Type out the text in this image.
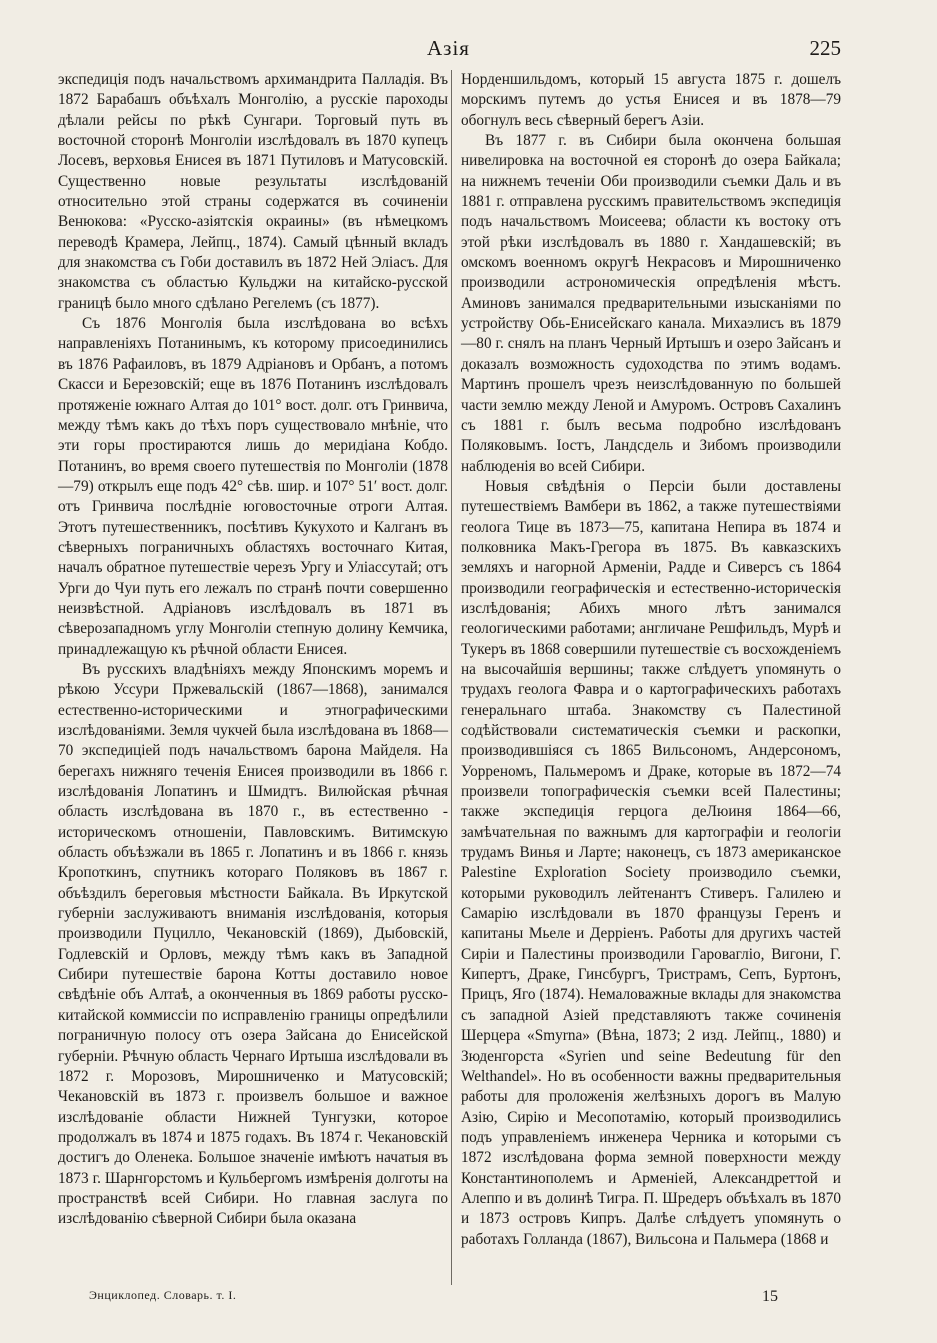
Азія	225

экспедиція подъ начальствомъ архимандрита Палладія. Въ 1872 Барабашъ объѣхалъ Монголію, а русскіе пароходы дѣлали рейсы по рѣкѣ Сунгари. Торговый путь въ восточной сторонѣ Монголіи изслѣдовалъ въ 1870 купецъ Лосевъ, верховья Енисея въ 1871 Путиловъ и Матусовскій. Существенно новые результаты изслѣдованій относительно этой страны содержатся въ сочиненіи Венюкова: «Русско-азіятскія окраины» (въ нѣмецкомъ переводѣ Крамера, Лейпц., 1874). Самый цѣнный вкладъ для знакомства съ Гоби доставилъ въ 1872 Ней Эліасъ. Для знакомства съ областью Кульджи на китайско-русской границѣ было много сдѣлано Регелемъ (съ 1877).

Съ 1876 Монголія была изслѣдована во всѣхъ направленіяхъ Потанинымъ, къ которому присоединились въ 1876 Рафаиловъ, въ 1879 Адріановъ и Орбанъ, а потомъ Скасси и Березовскій; еще въ 1876 Потанинъ изслѣдовалъ протяженіе южнаго Алтая до 101° вост. долг. отъ Гринвича, между тѣмъ какъ до тѣхъ поръ существовало мнѣніе, что эти горы простираются лишь до меридіана Кобдо. Потанинъ, во время своего путешествія по Монголіи (1878—79) открылъ еще подъ 42° сѣв. шир. и 107° 51′ вост. долг. отъ Гринвича послѣдніе юговосточные отроги Алтая. Этотъ путешественникъ, посѣтивъ Кукухото и Калганъ въ сѣверныхъ пограничныхъ областяхъ восточнаго Китая, началъ обратное путешествіе черезъ Ургу и Уліассутай; отъ Урги до Чуи путь его лежалъ по странѣ почти совершенно неизвѣстной. Адріановъ изслѣдовалъ въ 1871 въ сѣверозападномъ углу Монголіи степную долину Кемчика, принадлежащую къ рѣчной области Енисея.

Въ русскихъ владѣніяхъ между Японскимъ моремъ и рѣкою Уссури Пржевальскій (1867—1868), занимался естественно-историческими и этнографическими изслѣдованіями. Земля чукчей была изслѣдована въ 1868—70 экспедиціей подъ начальствомъ барона Майделя. На берегахъ нижняго теченія Енисея производили въ 1866 г. изслѣдованія Лопатинъ и Шмидтъ. Вилюйская рѣчная область изслѣдована въ 1870 г., въ естественно - историческомъ отношеніи, Павловскимъ. Витимскую область объѣзжали въ 1865 г. Лопатинъ и въ 1866 г. князь Кропоткинъ, спутникъ котораго Поляковъ въ 1867 г. объѣздилъ береговыя мѣстности Байкала. Въ Иркутской губерніи заслуживаютъ вниманія изслѣдованія, которыя производили Пуцилло, Чекановскій (1869), Дыбовскій, Годлевскій и Орловъ, между тѣмъ какъ въ Западной Сибири путешествіе барона Котты доставило новое свѣдѣніе объ Алтаѣ, а оконченныя въ 1869 работы русско-китайской коммиссіи по исправленію границы опредѣлили пограничную полосу отъ озера Зайсана до Енисейской губерніи. Рѣчную область Чернаго Иртыша изслѣдовали въ 1872 г. Морозовъ, Мирошниченко и Матусовскій; Чекановскій въ 1873 г. произвелъ большое и важное изслѣдованіе области Нижней Тунгузки, которое продолжалъ въ 1874 и 1875 годахъ. Въ 1874 г. Чекановскій достигъ до Оленека. Большое значеніе имѣютъ начатыя въ 1873 г. Шарнгорстомъ и Кульбергомъ измѣренія долготы на пространствѣ всей Сибири. Но главная заслуга по изслѣдованію сѣверной Сибири была оказана

Норденшильдомъ, который 15 августа 1875 г. дошелъ морскимъ путемъ до устья Енисея и въ 1878—79 обогнулъ весь сѣверный берегъ Азіи.

Въ 1877 г. въ Сибири была окончена большая нивелировка на восточной ея сторонѣ до озера Байкала; на нижнемъ теченіи Оби производили съемки Даль и въ 1881 г. отправлена русскимъ правительствомъ экспедиція подъ начальствомъ Моисеева; области къ востоку отъ этой рѣки изслѣдовалъ въ 1880 г. Хандашевскій; въ омскомъ военномъ округѣ Некрасовъ и Мирошниченко производили астрономическія опредѣленія мѣстъ. Аминовъ занимался предварительными изысканіями по устройству Обь-Енисейскаго канала. Михаэлисъ въ 1879—80 г. снялъ на планъ Черный Иртышъ и озеро Зайсанъ и доказалъ возможность судоходства по этимъ водамъ. Мартинъ прошелъ чрезъ неизслѣдованную по большей части землю между Леной и Амуромъ. Островъ Сахалинъ съ 1881 г. былъ весьма подробно изслѣдованъ Поляковымъ. Іостъ, Ландсдель и Зибомъ производили наблюденія во всей Сибири.

Новыя свѣдѣнія о Персіи были доставлены путешествіемъ Вамбери въ 1862, а также путешествіями геолога Тице въ 1873—75, капитана Непира въ 1874 и полковника Макъ-Грегора въ 1875. Въ кавказскихъ земляхъ и нагорной Арменіи, Радде и Сиверсъ съ 1864 производили географическія и естественно-историческія изслѣдованія; Абихъ много лѣтъ занимался геологическими работами; англичане Решфильдъ, Мурѣ и Тукеръ въ 1868 совершили путешествіе съ восхожденіемъ на высочайшія вершины; также слѣдуетъ упомянуть о трудахъ геолога Фавра и о картографическихъ работахъ генеральнаго штаба. Знакомству съ Палестиной содѣйствовали систематическія съемки и раскопки, производившіяся съ 1865 Вильсономъ, Андерсономъ, Уорреномъ, Пальмеромъ и Драке, которые въ 1872—74 произвели топографическія съемки всей Палестины; также экспедиція герцога деЛюиня 1864—66, замѣчательная по важнымъ для картографіи и геологіи трудамъ Винья и Ларте; наконецъ, съ 1873 американское Palestine Exploration Society производило съемки, которыми руководилъ лейтенантъ Стиверъ. Галилею и Самарію изслѣдовали въ 1870 французы Геренъ и капитаны Мьеле и Деррiенъ. Работы для другихъ частей Сиріи и Палестины производили Гаровагліо, Вигони, Г. Кипертъ, Драке, Гинсбургъ, Тристрамъ, Сепъ, Буртонъ, Прицъ, Яго (1874). Немаловажные вклады для знакомства съ западной Азіей представляютъ также сочиненія Шерцера «Smyrna» (Вѣна, 1873; 2 изд. Лейпц., 1880) и Зюденгорста «Syrien und seine Bedeutung für den Welthandel». Но въ особенности важны предварительныя работы для проложенія желѣзныхъ дорогъ въ Малую Азію, Сирію и Месопотамію, который производились подъ управленіемъ инженера Черника и которыми съ 1872 изслѣдована форма земной поверхности между Константинополемъ и Арменіей, Александреттой и Алеппо и въ долинѣ Тигра. П. Шредеръ объѣхалъ въ 1870 и 1873 островъ Кипръ. Далѣе слѣдуетъ упомянуть о работахъ Голланда (1867), Вильсона и Пальмера (1868 и

Энциклопед. Словарь. т. I.	15
